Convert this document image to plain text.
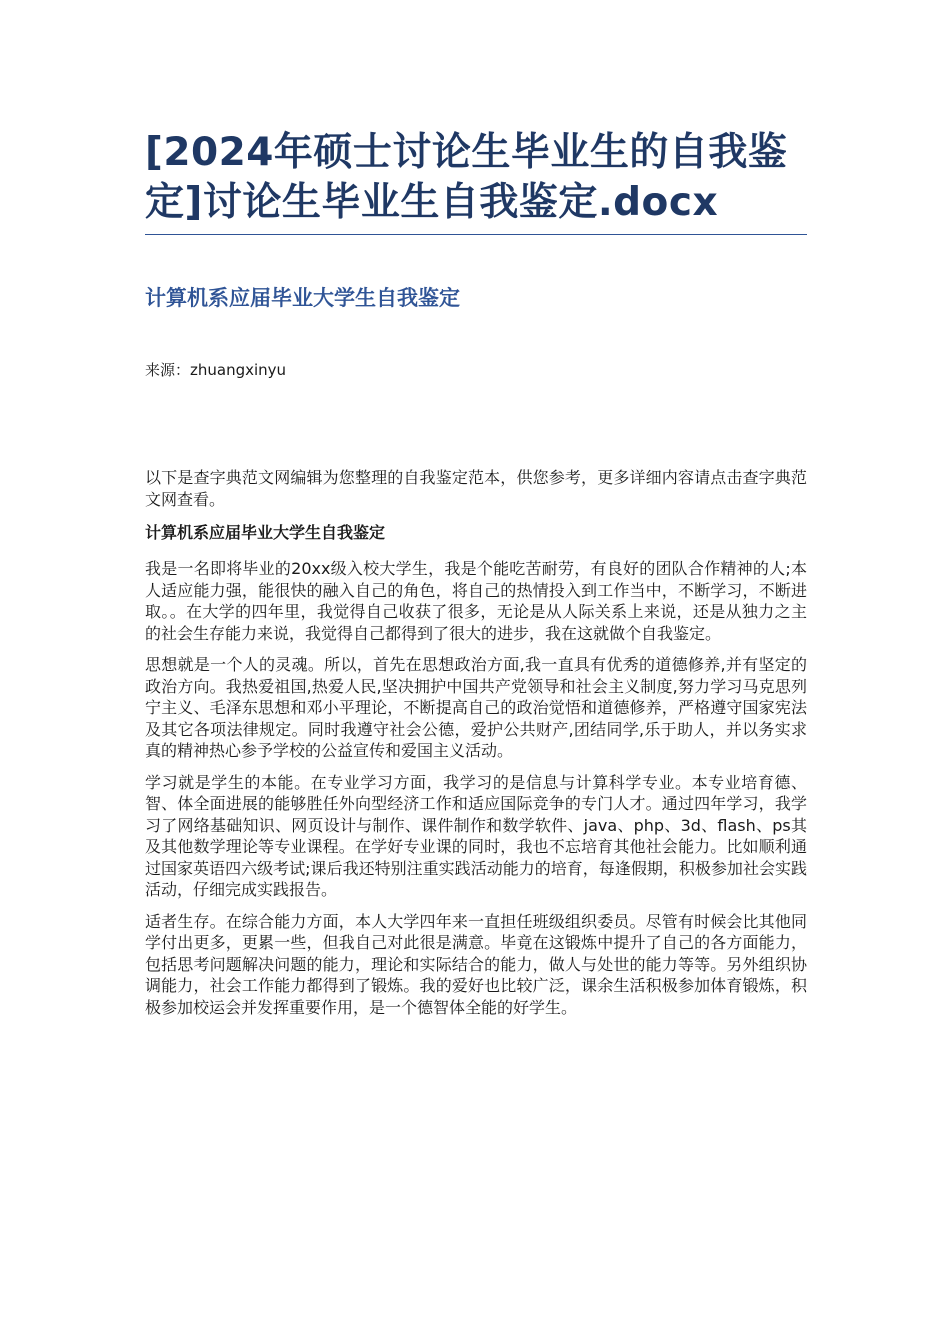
[2024年硕士讨论生毕业生的自我鉴定]讨论生毕业生自我鉴定.docx
计算机系应届毕业大学生自我鉴定
来源：zhuangxinyu

以下是查字典范文网编辑为您整理的自我鉴定范本，供您参考，更多详细内容请点击查字典范文网查看。

计算机系应届毕业大学生自我鉴定

我是一名即将毕业的20xx级入校大学生，我是个能吃苦耐劳，有良好的团队合作精神的人;本人适应能力强，能很快的融入自己的角色，将自己的热情投入到工作当中，不断学习，不断进取。。在大学的四年里，我觉得自己收获了很多，无论是从人际关系上来说，还是从独力之主的社会生存能力来说，我觉得自己都得到了很大的进步，我在这就做个自我鉴定。

思想就是一个人的灵魂。所以，首先在思想政治方面,我一直具有优秀的道德修养,并有坚定的政治方向。我热爱祖国,热爱人民,坚决拥护中国共产党领导和社会主义制度,努力学习马克思列宁主义、毛泽东思想和邓小平理论，不断提高自己的政治觉悟和道德修养，严格遵守国家宪法及其它各项法律规定。同时我遵守社会公德，爱护公共财产,团结同学,乐于助人，并以务实求真的精神热心参予学校的公益宣传和爱国主义活动。

学习就是学生的本能。在专业学习方面，我学习的是信息与计算科学专业。本专业培育德、智、体全面进展的能够胜任外向型经济工作和适应国际竞争的专门人才。通过四年学习，我学习了网络基础知识、网页设计与制作、课件制作和数学软件、java、php、3d、flash、ps其及其他数学理论等专业课程。在学好专业课的同时，我也不忘培育其他社会能力。比如顺利通过国家英语四六级考试;课后我还特别注重实践活动能力的培育，每逢假期，积极参加社会实践活动，仔细完成实践报告。

适者生存。在综合能力方面，本人大学四年来一直担任班级组织委员。尽管有时候会比其他同学付出更多，更累一些，但我自己对此很是满意。毕竟在这锻炼中提升了自己的各方面能力，包括思考问题解决问题的能力，理论和实际结合的能力，做人与处世的能力等等。另外组织协调能力，社会工作能力都得到了锻炼。我的爱好也比较广泛，课余生活积极参加体育锻炼，积极参加校运会并发挥重要作用，是一个德智体全能的好学生。
